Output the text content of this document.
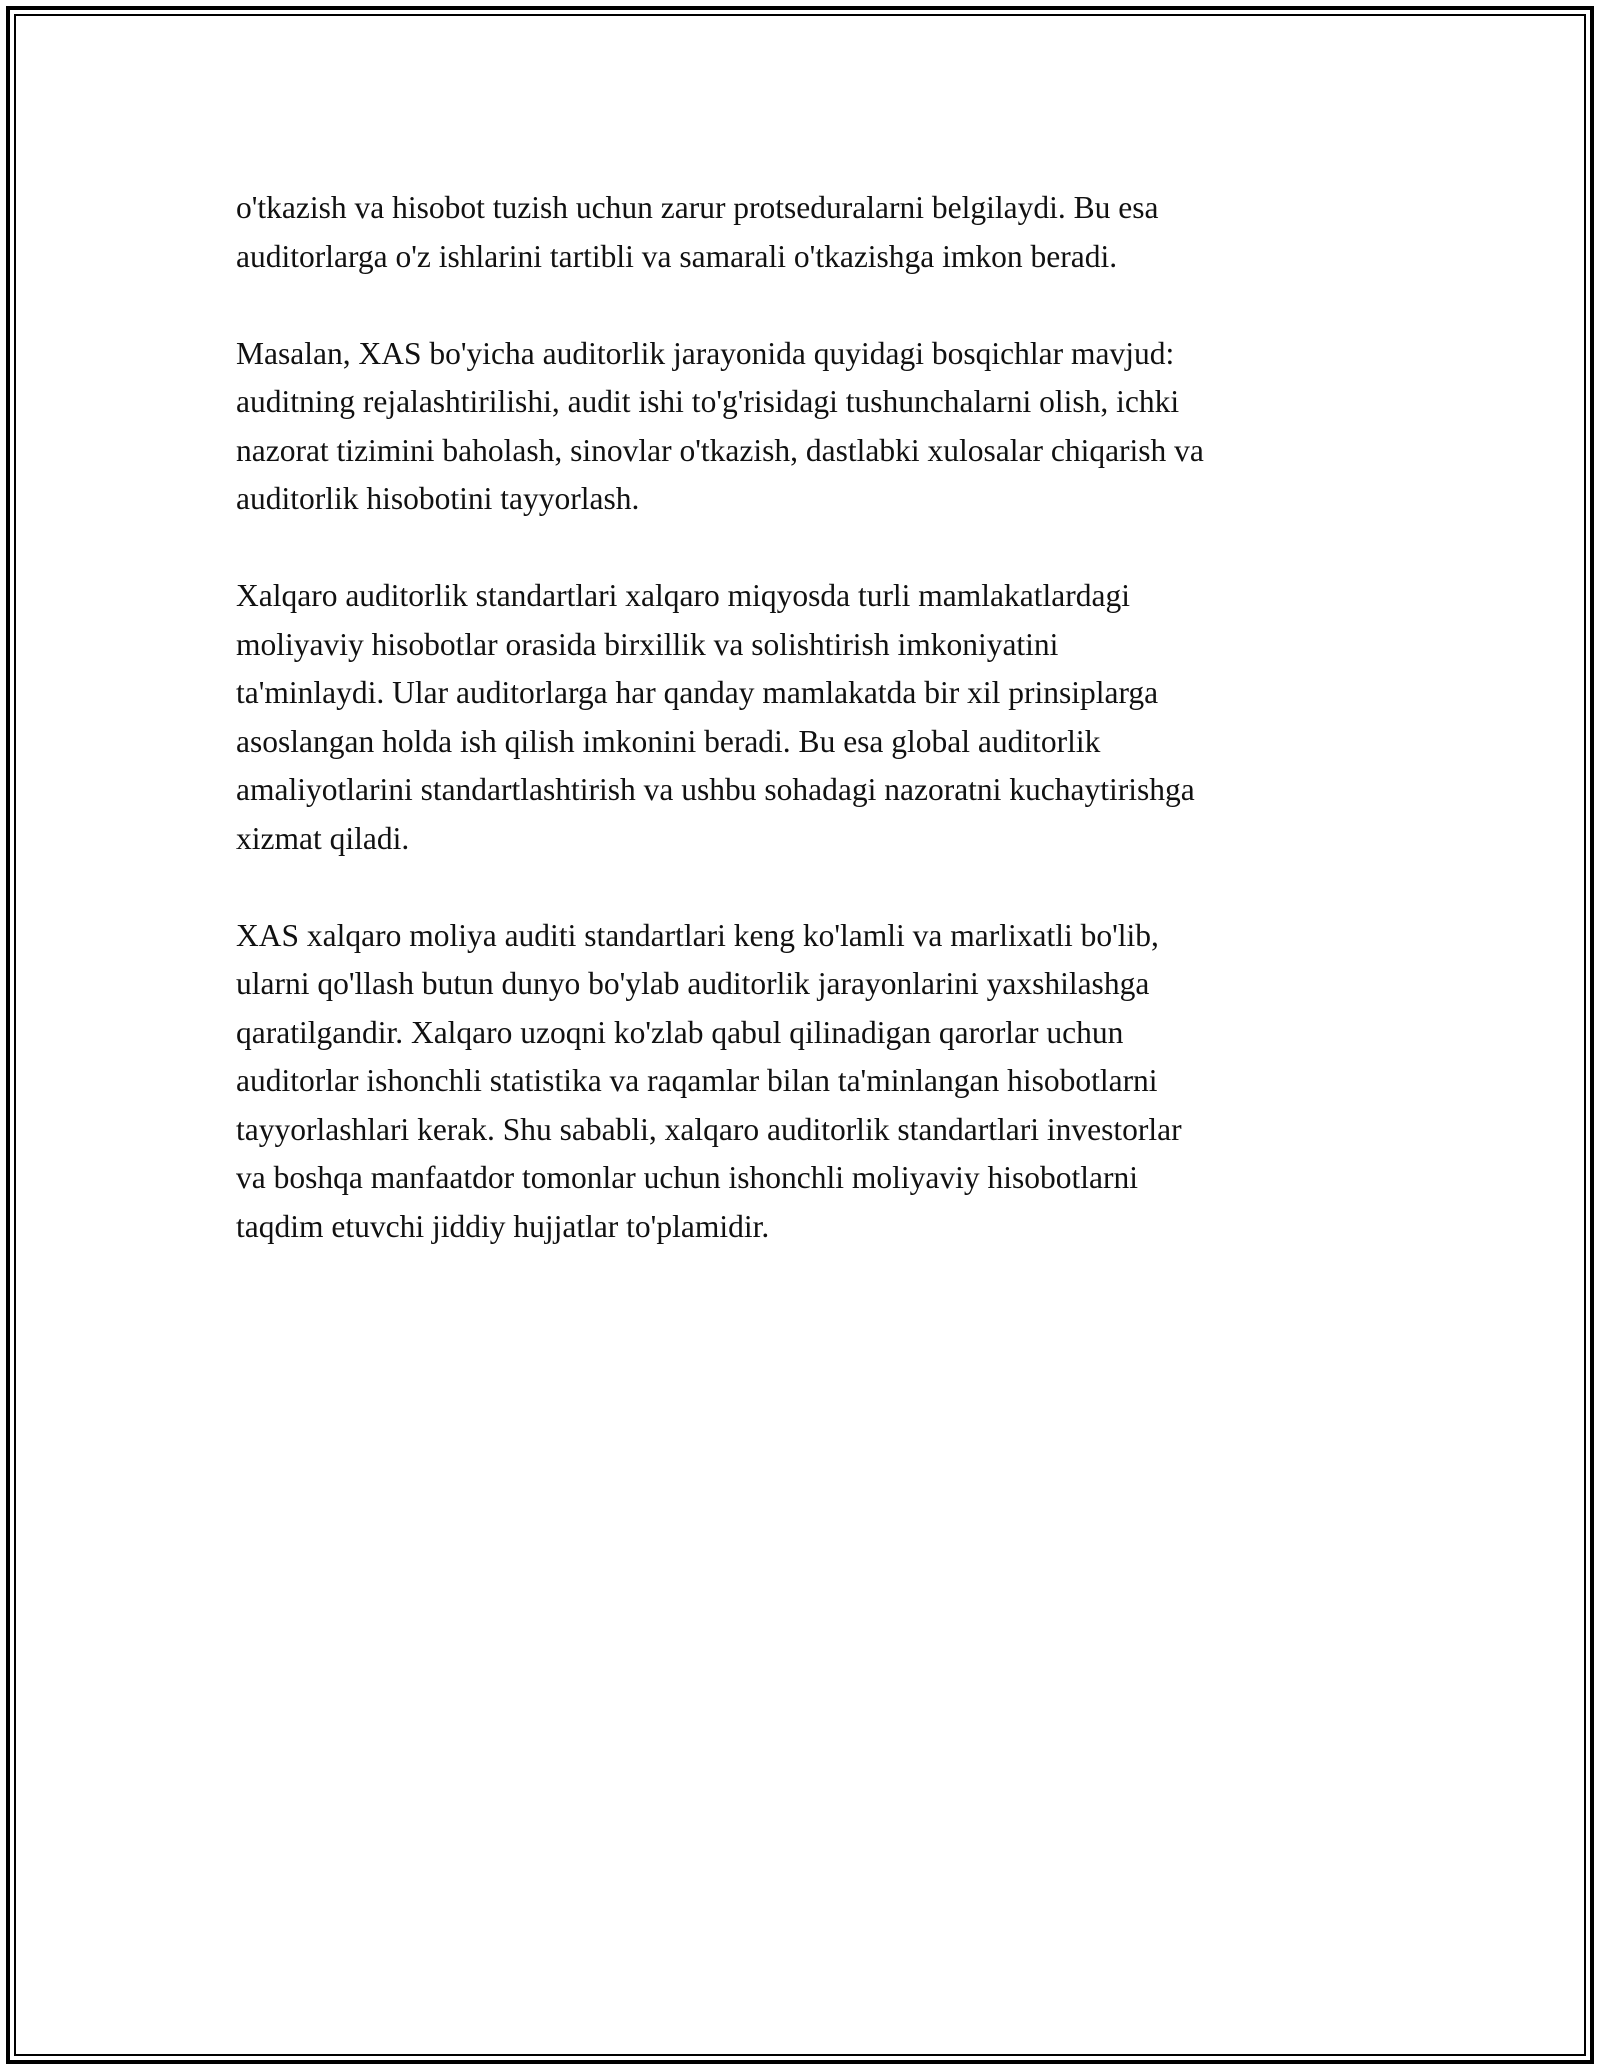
o'tkazish va hisobot tuzish uchun zarur protseduralarni belgilaydi. Bu esa
auditorlarga o'z ishlarini tartibli va samarali o'tkazishga imkon beradi.

Masalan, XAS bo'yicha auditorlik jarayonida quyidagi bosqichlar mavjud:
auditning rejalashtirilishi, audit ishi to'g'risidagi tushunchalarni olish, ichki
nazorat tizimini baholash, sinovlar o'tkazish, dastlabki xulosalar chiqarish va
auditorlik hisobotini tayyorlash.

Xalqaro auditorlik standartlari xalqaro miqyosda turli mamlakatlardagi
moliyaviy hisobotlar orasida birxillik va solishtirish imkoniyatini
ta'minlaydi. Ular auditorlarga har qanday mamlakatda bir xil prinsiplarga
asoslangan holda ish qilish imkonini beradi. Bu esa global auditorlik
amaliyotlarini standartlashtirish va ushbu sohadagi nazoratni kuchaytirishga
xizmat qiladi.

XAS xalqaro moliya auditi standartlari keng ko'lamli va marlixatli bo'lib,
ularni qo'llash butun dunyo bo'ylab auditorlik jarayonlarini yaxshilashga
qaratilgandir. Xalqaro uzoqni ko'zlab qabul qilinadigan qarorlar uchun
auditorlar ishonchli statistika va raqamlar bilan ta'minlangan hisobotlarni
tayyorlashlari kerak. Shu sababli, xalqaro auditorlik standartlari investorlar
va boshqa manfaatdor tomonlar uchun ishonchli moliyaviy hisobotlarni
taqdim etuvchi jiddiy hujjatlar to'plamidir.
